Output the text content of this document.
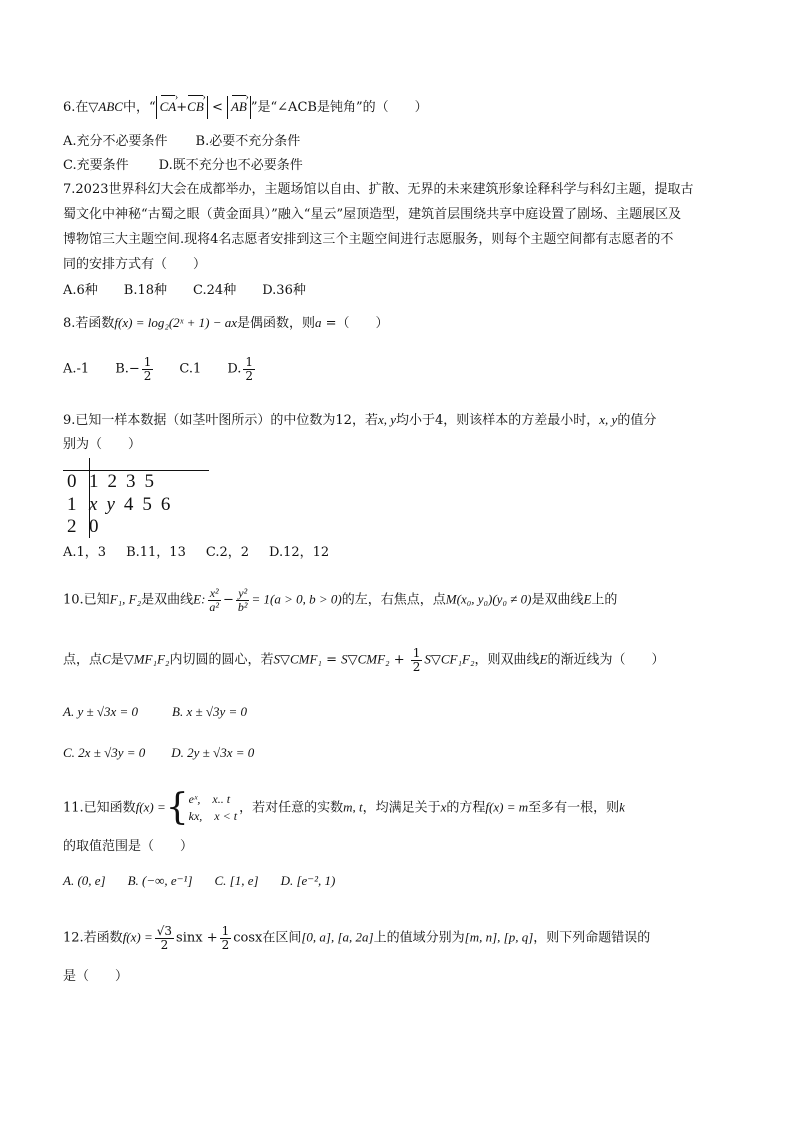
6.在▽ABC中，“ CA ›+CB › < AB › ”是“∠ACB是钝角”的（　　）
A.充分不必要条件 B.必要不充分条件
C.充要条件 D.既不充分也不必要条件
7.2023世界科幻大会在成都举办，主题场馆以自由、扩散、无界的未来建筑形象诠释科学与科幻主题，提取古
蜀文化中神秘“古蜀之眼（黄金面具）”融入“星云”屋顶造型，建筑首层围绕共享中庭设置了剧场、主题展区及
博物馆三大主题空间.现将4名志愿者安排到这三个主题空间进行志愿服务，则每个主题空间都有志愿者的不
同的安排方式有（　　）
A.6种 B.18种 C.24种 D.36种
8.若函数f(x) = log₂(2ˣ + 1) − ax是偶函数，则a =（　　）
A.-1 $B.- \frac{1}{2} C.1$ D. $\frac{1}{2}$
9.已知一样本数据（如茎叶图所示）的中位数为12，若x, y均小于4，则该样本的方差最小时，x, y的值分
别为（　　）
0 1 2 3 5
1 x y 4 5 6
2 0
A.1，3 B.11，13 C.2，2 D.12，12
10.已知F₁, F₂是双曲线E: $\frac{\text{x²}}{\text{a²}} - \frac{\text{y²}}{\text{b²}} = 1(a > 0$, b > 0)的左，右焦点，点M(x₀, y₀)(y₀ ≠ 0)是双曲线E上的
点，点C是▽MF₁F₂内切圆的圆心，若S▽CMF₁ = S▽CMF₂ + $\frac{1}{2}$ S▽CF₁F₂，则双曲线E的渐近线为（　　）
A. y ± √3x = 0	B. x ± √3y = 0
C. 2x ± √3y = 0 D. 2y ± √3x = 0
11.已知函数f(x) ={ eˣ,　x.. t
kx,　x < t
，若对任意的实数m, t，均满足关于x的方程f(x) = m至多有一根，则k
的取值范围是（　　）
A. (0, e] B. (−∞, e⁻¹] C. [1, e] D. [e⁻², 1)
12.若函数$f(x) = \frac{√3}{2}$ $\sin x + \frac{1}{2}$ cosx在区间[0, a], [a, 2a]上的值域分别为[m, n], [p, q]，则下列命题错误的
是（　　）
